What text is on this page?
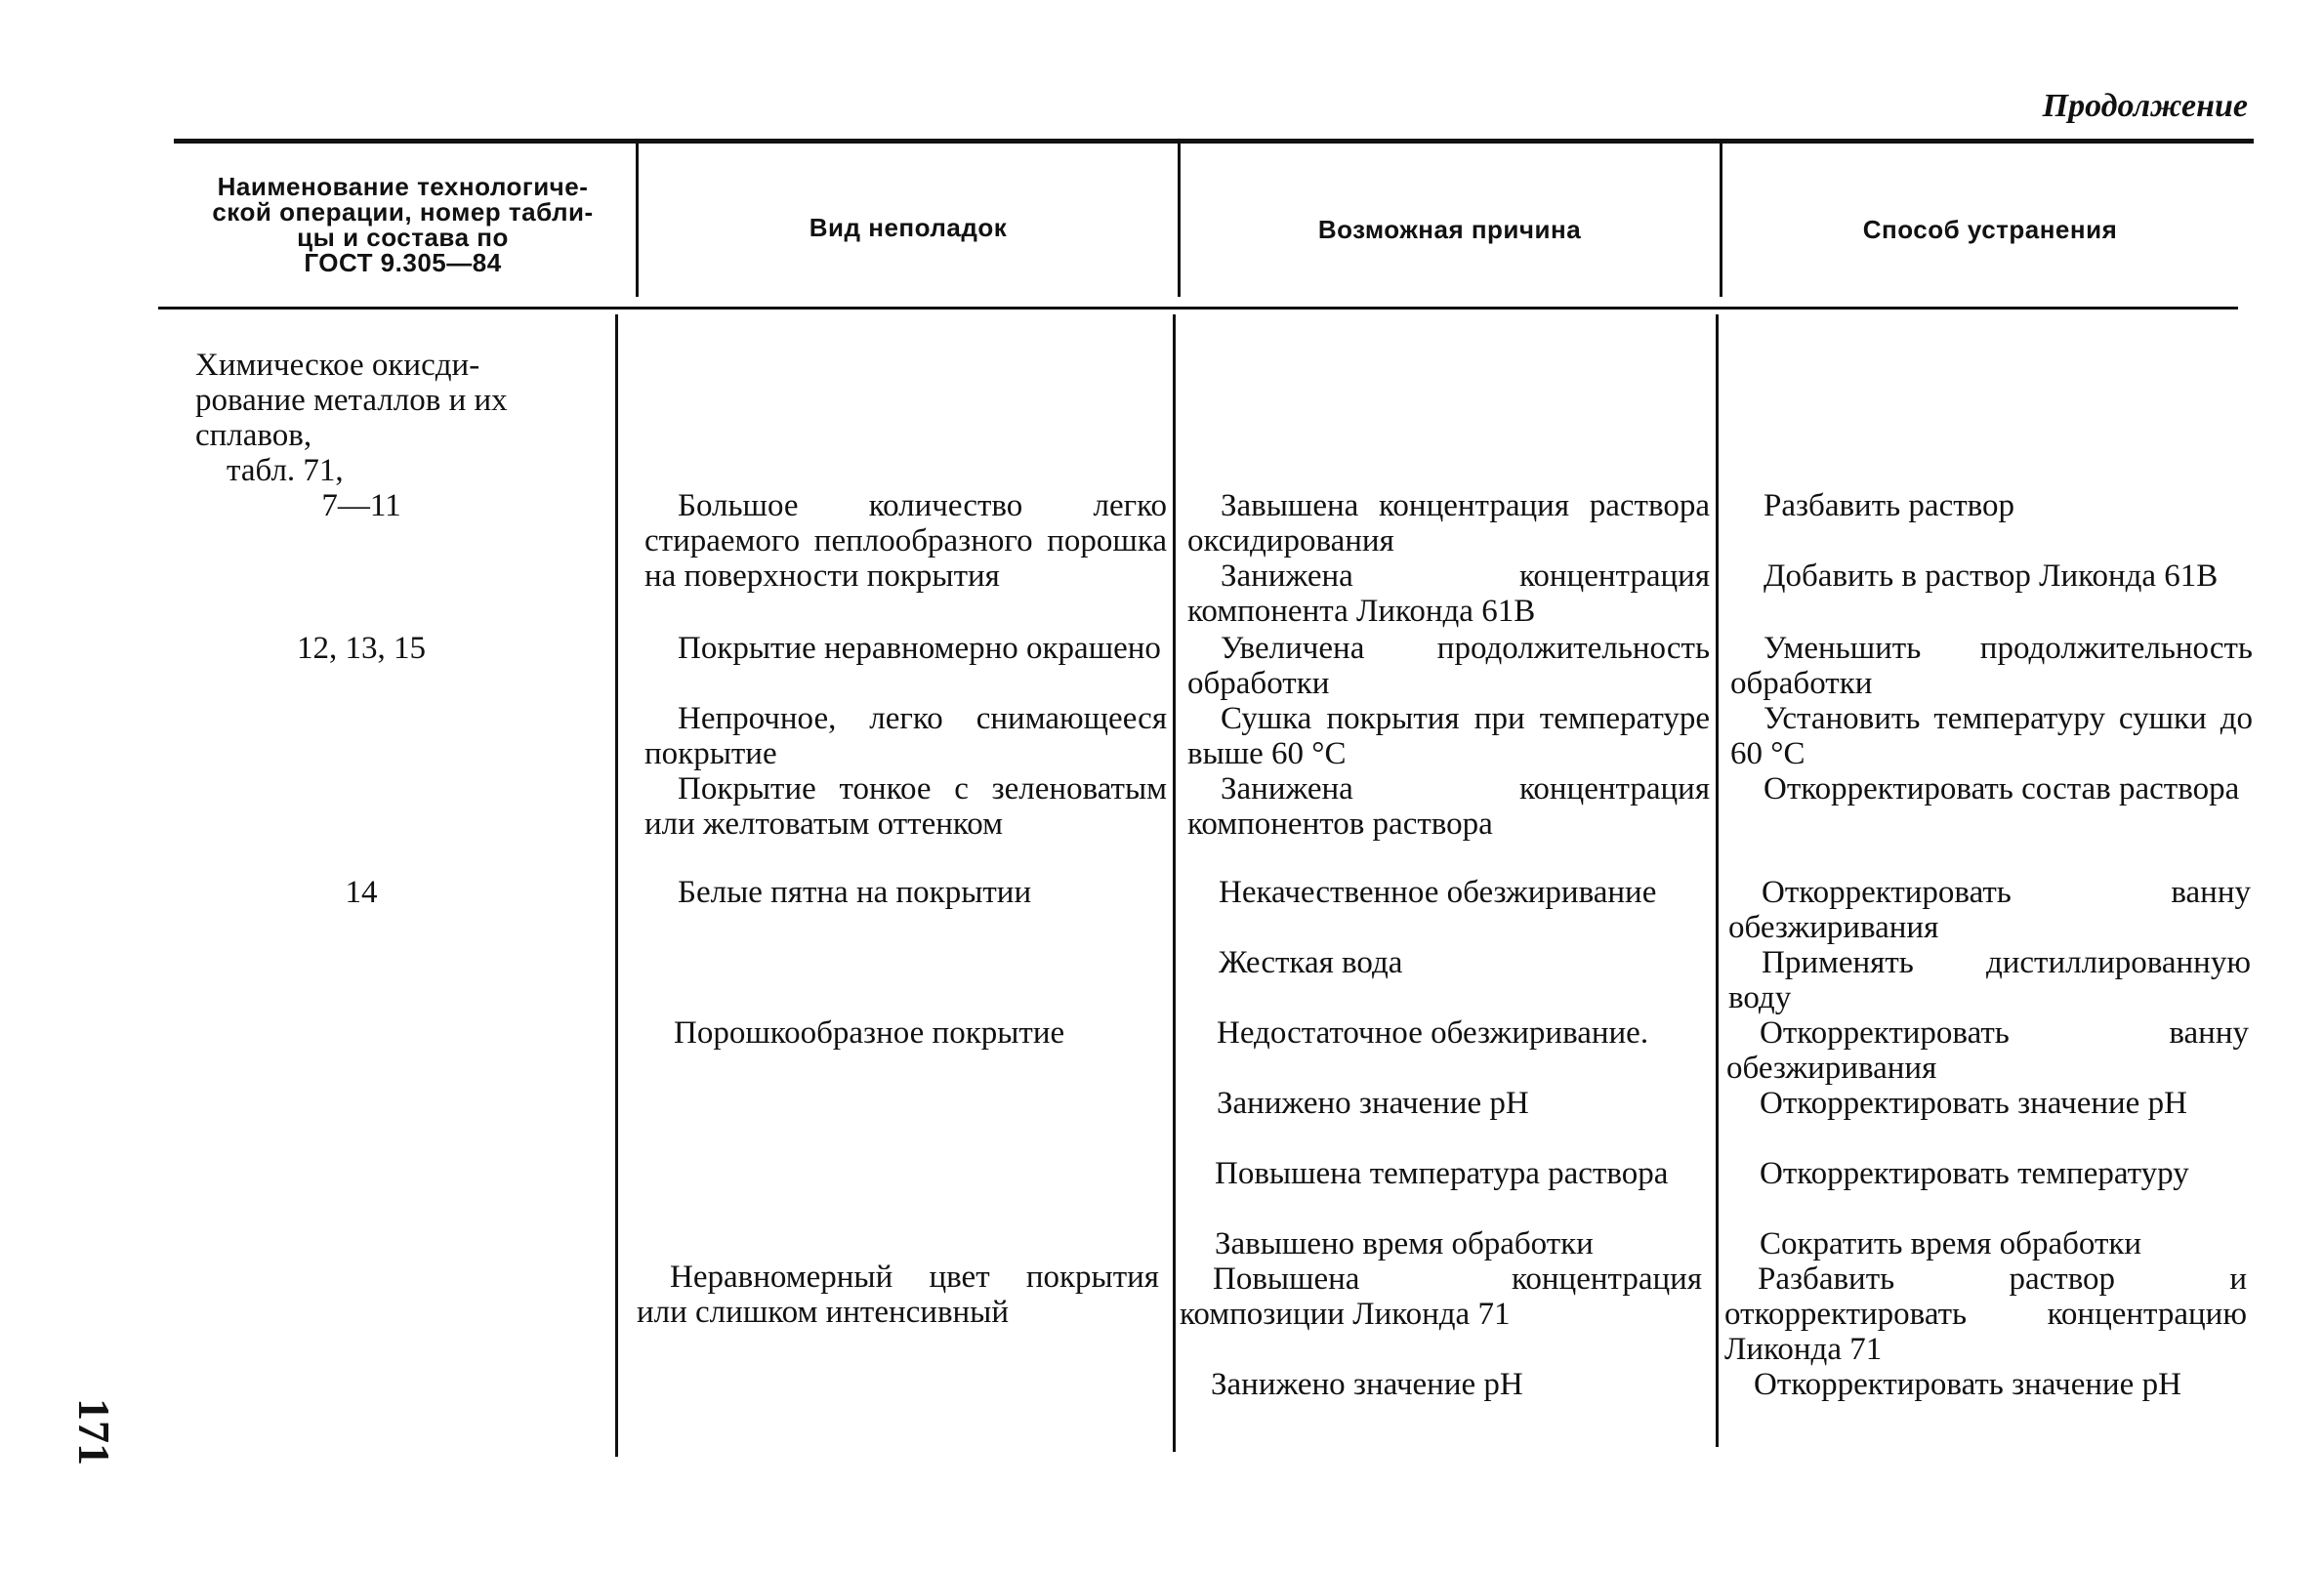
Продолжение
Наименование технологиче-
ской операции, номер табли-
цы и состава по
ГОСТ 9.305—84
Вид неполадок	Возможная причина	Способ устранения
Химическое окисди-
рование металлов и их
сплавов,
табл. 71,
7—11
12, 13, 15
14
Большое количество легко стираемого пеплообразного порошка на поверхности покрытия
Покрытие неравномерно окрашено
Непрочное, легко снимающееся покрытие
Покрытие тонкое с зеленоватым или желтоватым оттенком
Белые пятна на покрытии
Порошкообразное покрытие
Неравномерный цвет покрытия или слишком интенсивный
Завышена концентрация раствора оксидирования
Занижена концентрация компонента Ликонда 61В
Увеличена продолжительность обработки
Сушка покрытия при температуре выше 60 °С
Занижена концентрация компонентов раствора
Некачественное обезжиривание
Жесткая вода
Недостаточное обезжиривание.
Занижено значение рН
Повышена температура раствора
Завышено время обработки
Повышена концентрация композиции Ликонда 71
Занижено значение рН
Разбавить раствор
Добавить в раствор Ликонда 61В
Уменьшить продолжительность обработки
Установить температуру сушки до 60 °С
Откорректировать состав раствора
Откорректировать ванну обезжиривания
Применять дистиллированную воду
Откорректировать ванну обезжиривания
Откорректировать значение рН
Откорректировать температуру
Сократить время обработки
Разбавить раствор и откорректировать концентрацию Ликонда 71
Откорректировать значение рН
171
